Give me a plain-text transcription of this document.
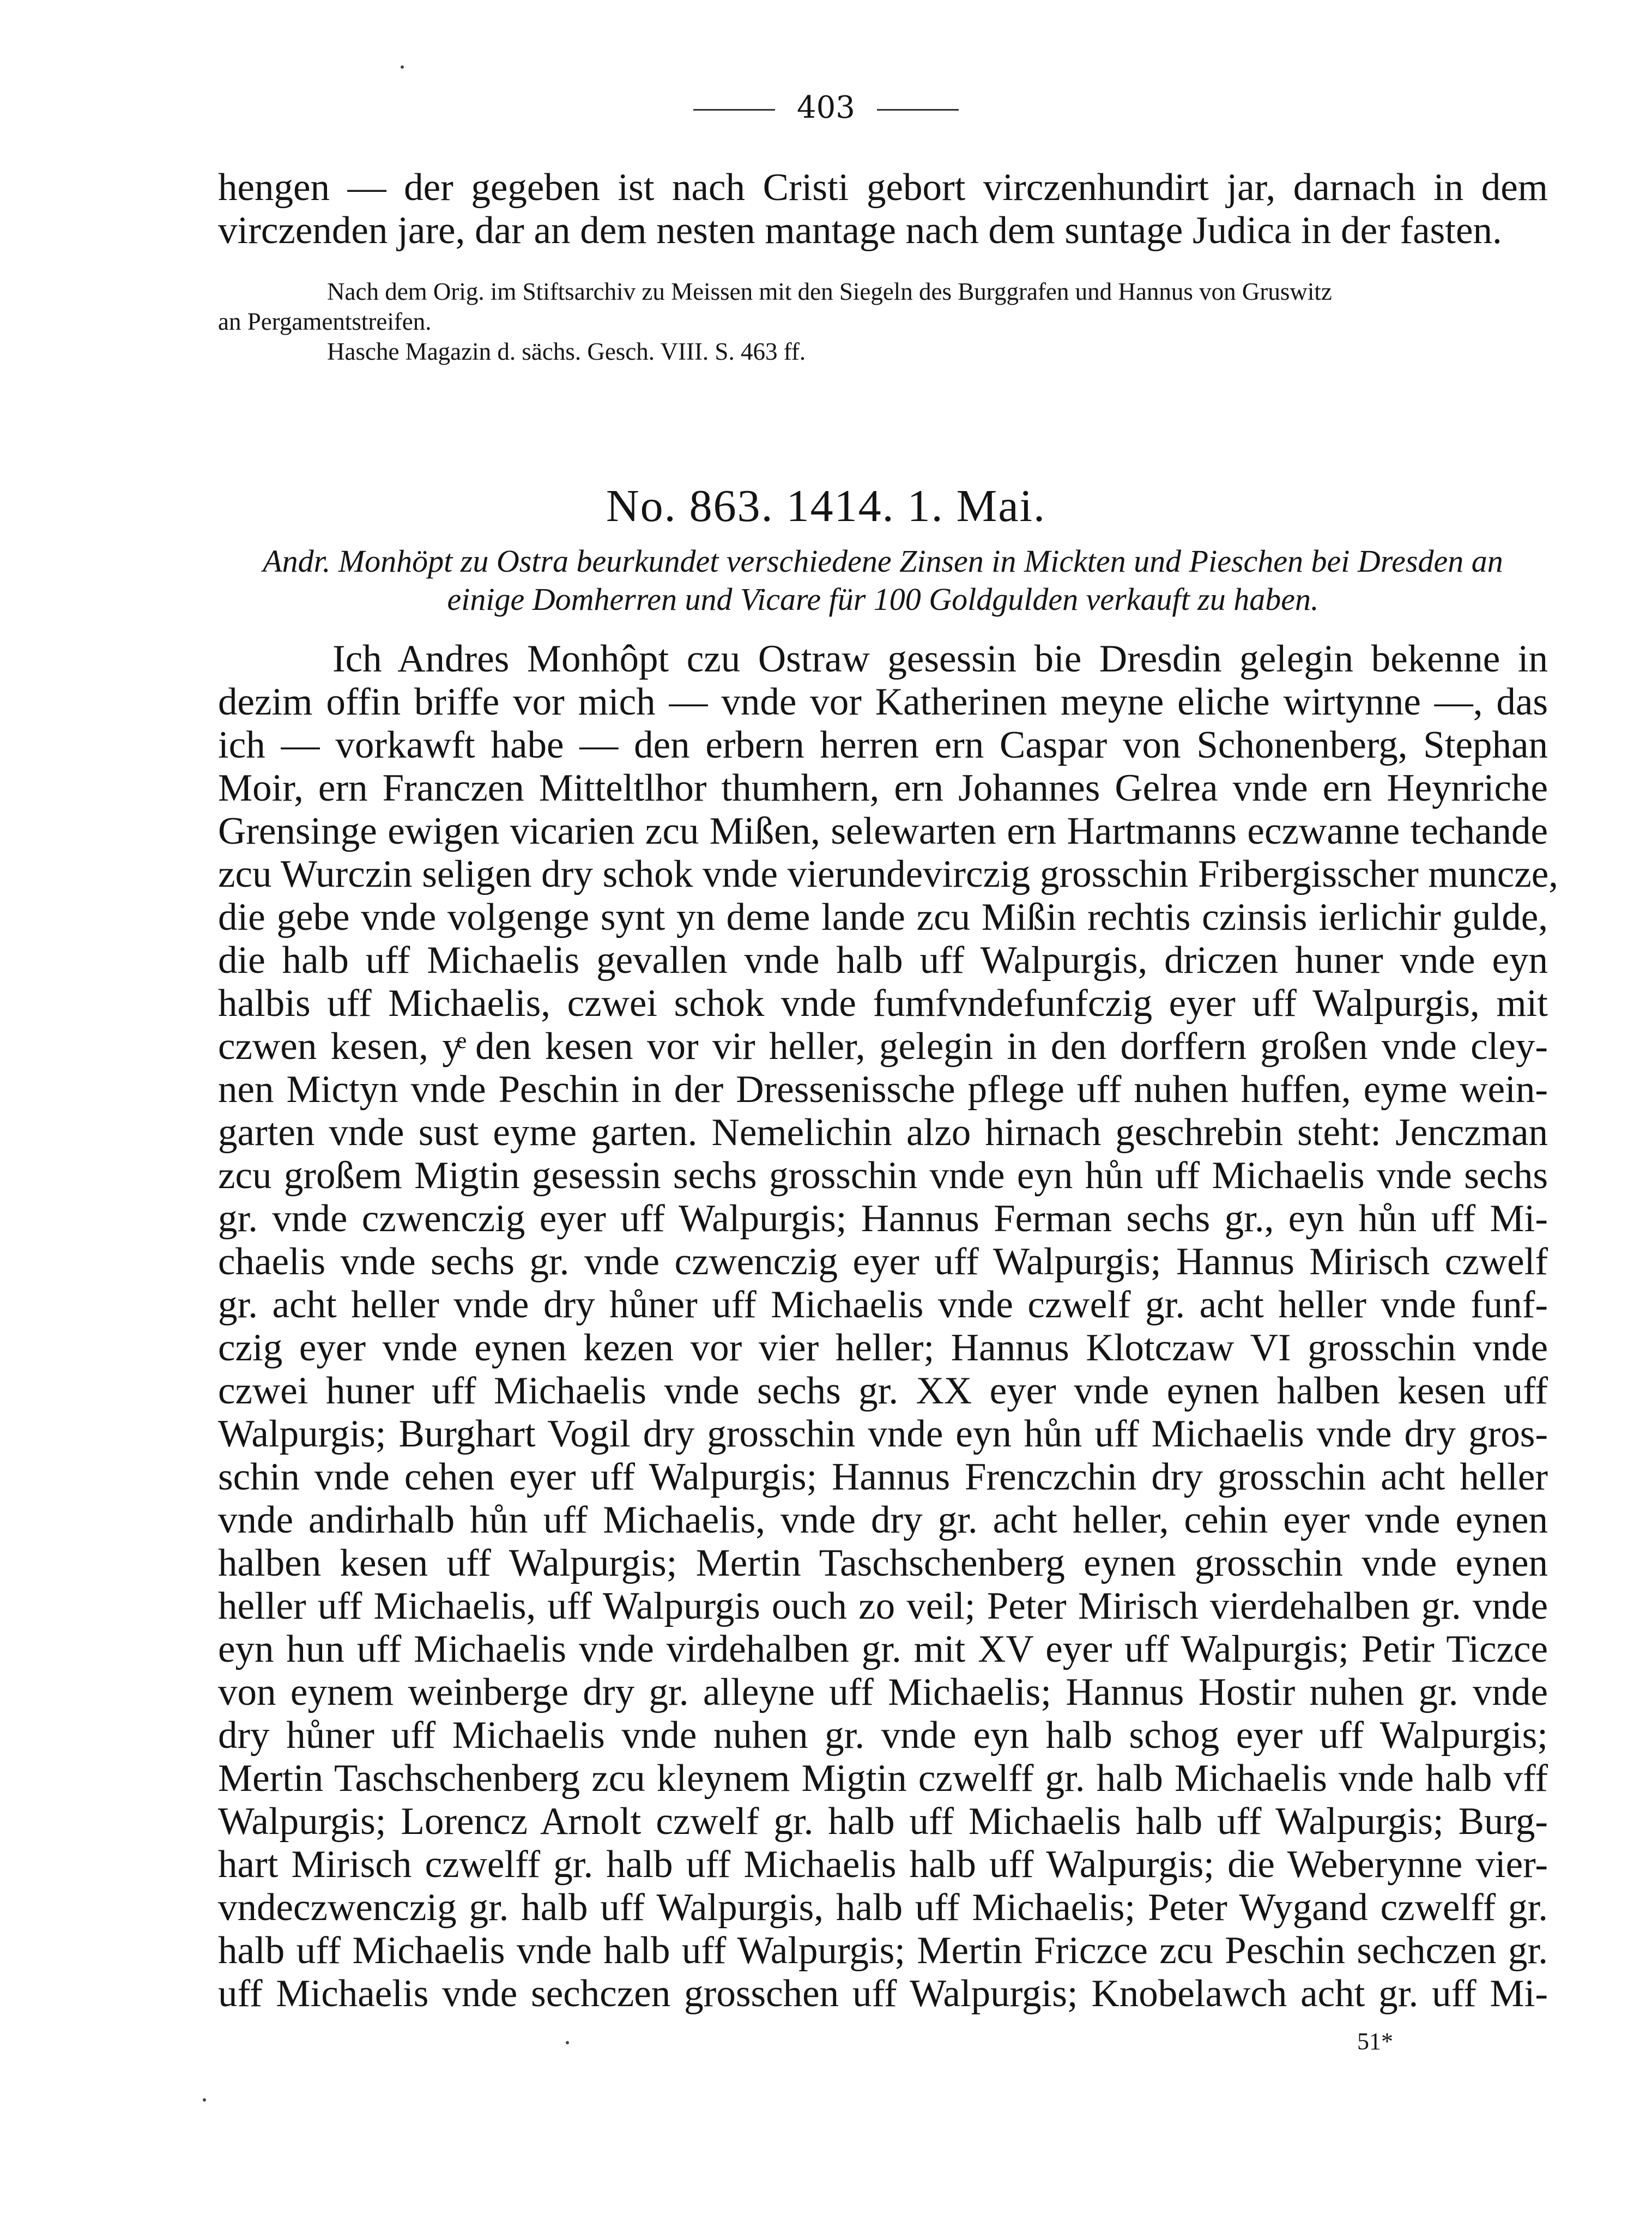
403
hengen — der gegeben ist nach Cristi gebort virczenhundirt jar, darnach in dem
virczenden jare, dar an dem nesten mantage nach dem suntage Judica in der fasten.
Nach dem Orig. im Stiftsarchiv zu Meissen mit den Siegeln des Burggrafen und Hannus von Gruswitz
an Pergamentstreifen.
Hasche Magazin d. sächs. Gesch. VIII. S. 463 ff.
No. 863. 1414. 1. Mai.
Andr. Monhöpt zu Ostra beurkundet verschiedene Zinsen in Mickten und Pieschen bei Dresden an
einige Domherren und Vicare für 100 Goldgulden verkauft zu haben.
Ich Andres Monhôpt czu Ostraw gesessin bie Dresdin gelegin bekenne in
dezim offin briffe vor mich — vnde vor Katherinen meyne eliche wirtynne —, das
ich — vorkawft habe — den erbern herren ern Caspar von Schonenberg, Stephan
Moir, ern Franczen Mitteltlhor thumhern, ern Johannes Gelrea vnde ern Heynriche
Grensinge ewigen vicarien zcu Mißen, selewarten ern Hartmanns eczwanne techande
zcu Wurczin seligen dry schok vnde vierundevirczig grosschin Fribergisscher muncze,
die gebe vnde volgenge synt yn deme lande zcu Mißin rechtis czinsis ierlichir gulde,
die halb uff Michaelis gevallen vnde halb uff Walpurgis, driczen huner vnde eyn
halbis uff Michaelis, czwei schok vnde fumfvndefunfczig eyer uff Walpurgis, mit
czwen kesen, yͤ den kesen vor vir heller, gelegin in den dorffern großen vnde cley-
nen Mictyn vnde Peschin in der Dressenissche pflege uff nuhen huffen, eyme wein-
garten vnde sust eyme garten. Nemelichin alzo hirnach geschrebin steht: Jenczman
zcu großem Migtin gesessin sechs grosschin vnde eyn hůn uff Michaelis vnde sechs
gr. vnde czwenczig eyer uff Walpurgis; Hannus Ferman sechs gr., eyn hůn uff Mi-
chaelis vnde sechs gr. vnde czwenczig eyer uff Walpurgis; Hannus Mirisch czwelf
gr. acht heller vnde dry hůner uff Michaelis vnde czwelf gr. acht heller vnde funf-
czig eyer vnde eynen kezen vor vier heller; Hannus Klotczaw VI grosschin vnde
czwei huner uff Michaelis vnde sechs gr. XX eyer vnde eynen halben kesen uff
Walpurgis; Burghart Vogil dry grosschin vnde eyn hůn uff Michaelis vnde dry gros-
schin vnde cehen eyer uff Walpurgis; Hannus Frenczchin dry grosschin acht heller
vnde andirhalb hůn uff Michaelis, vnde dry gr. acht heller, cehin eyer vnde eynen
halben kesen uff Walpurgis; Mertin Taschschenberg eynen grosschin vnde eynen
heller uff Michaelis, uff Walpurgis ouch zo veil; Peter Mirisch vierdehalben gr. vnde
eyn hun uff Michaelis vnde virdehalben gr. mit XV eyer uff Walpurgis; Petir Ticzce
von eynem weinberge dry gr. alleyne uff Michaelis; Hannus Hostir nuhen gr. vnde
dry hůner uff Michaelis vnde nuhen gr. vnde eyn halb schog eyer uff Walpurgis;
Mertin Taschschenberg zcu kleynem Migtin czwelff gr. halb Michaelis vnde halb vff
Walpurgis; Lorencz Arnolt czwelf gr. halb uff Michaelis halb uff Walpurgis; Burg-
hart Mirisch czwelff gr. halb uff Michaelis halb uff Walpurgis; die Weberynne vier-
vndeczwenczig gr. halb uff Walpurgis, halb uff Michaelis; Peter Wygand czwelff gr.
halb uff Michaelis vnde halb uff Walpurgis; Mertin Friczce zcu Peschin sechczen gr.
uff Michaelis vnde sechczen grosschen uff Walpurgis; Knobelawch acht gr. uff Mi-
51*
